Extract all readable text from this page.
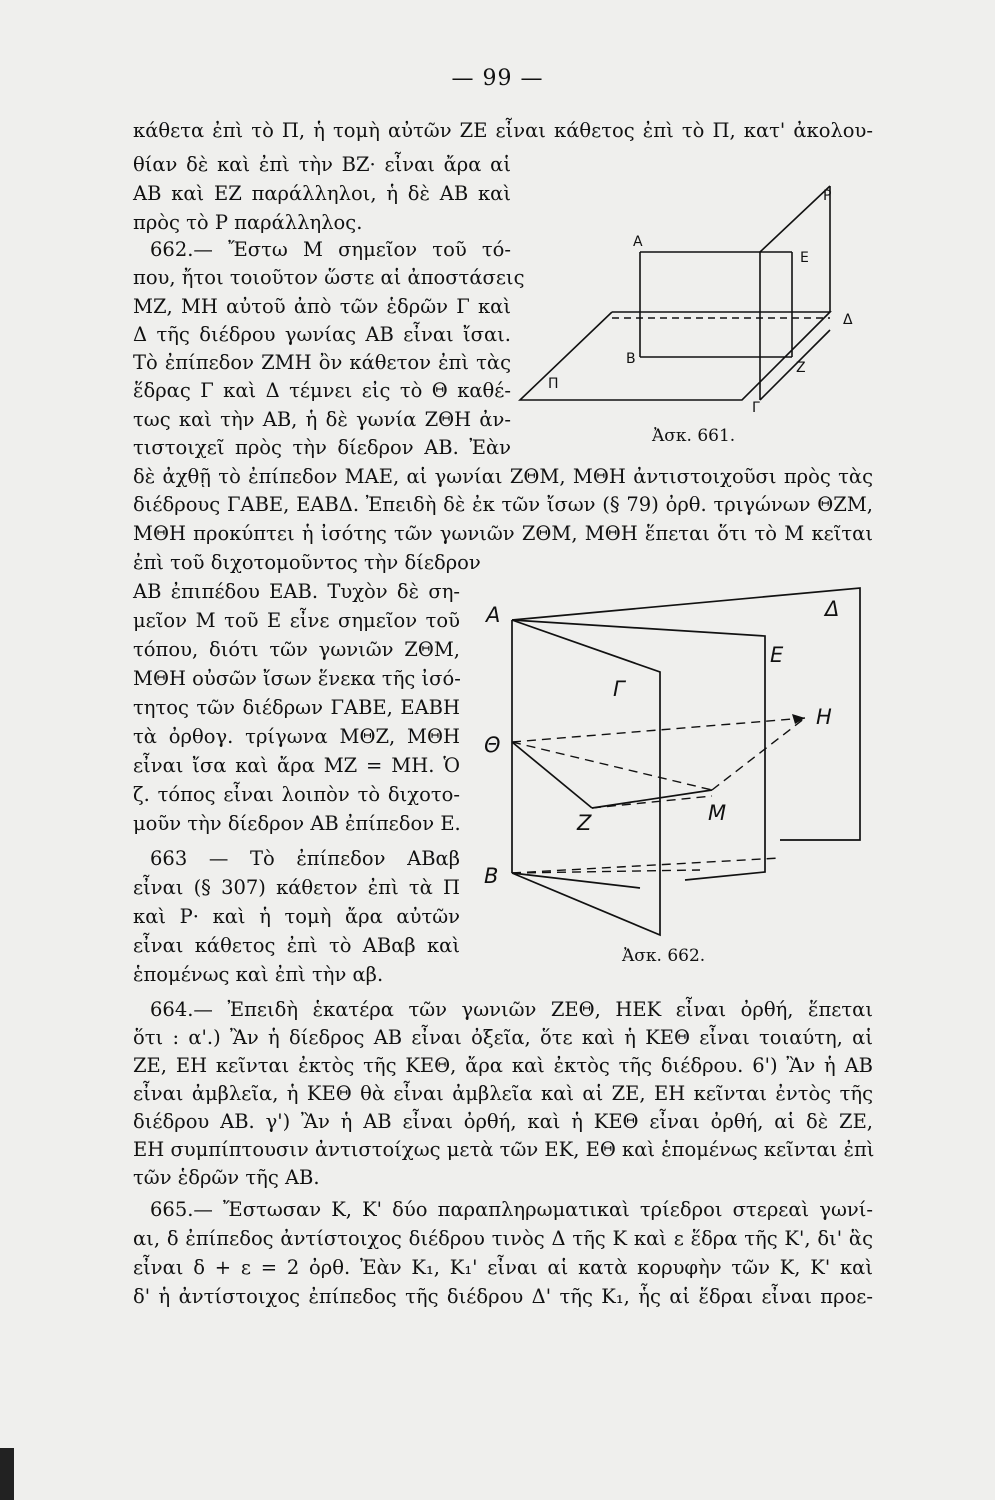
— 99 —
κάθετα ἐπὶ τὸ Π, ἡ τομὴ αὐτῶν ΖΕ εἶναι κάθετος ἐπὶ τὸ Π, κατ' ἀκολου-
θίαν δὲ καὶ ἐπὶ τὴν ΒΖ· εἶναι ἄρα αἱ
ΑΒ καὶ ΕΖ παράλληλοι, ἡ δὲ ΑΒ καὶ
πρὸς τὸ Ρ παράλληλος.
662.— Ἔστω Μ σημεῖον τοῦ τό-
που, ἤτοι τοιοῦτον ὥστε αἱ ἀποστάσεις
ΜΖ, ΜΗ αὐτοῦ ἀπὸ τῶν ἑδρῶν Γ καὶ
Δ τῆς διέδρου γωνίας ΑΒ εἶναι ἴσαι.
Τὸ ἐπίπεδον ΖΜΗ ὂν κάθετον ἐπὶ τὰς
ἕδρας Γ καὶ Δ τέμνει εἰς τὸ Θ καθέ-
τως καὶ τὴν ΑΒ, ἡ δὲ γωνία ΖΘΗ ἀν-
τιστοιχεῖ πρὸς τὴν δίεδρον ΑΒ. Ἐὰν
δὲ ἀχθῇ τὸ ἐπίπεδον ΜΑΕ, αἱ γωνίαι ΖΘΜ, ΜΘΗ ἀντιστοιχοῦσι πρὸς τὰς
διέδρους ΓΑΒΕ, ΕΑΒΔ. Ἐπειδὴ δὲ ἐκ τῶν ἴσων (§ 79) ὀρθ. τριγώνων ΘΖΜ,
ΜΘΗ προκύπτει ἡ ἰσότης τῶν γωνιῶν ΖΘΜ, ΜΘΗ ἕπεται ὅτι τὸ Μ κεῖται
ἐπὶ τοῦ διχοτομοῦντος τὴν δίεδρον
ΑΒ ἐπιπέδου ΕΑΒ. Τυχὸν δὲ ση-
μεῖον Μ τοῦ Ε εἶνε σημεῖον τοῦ
τόπου, διότι τῶν γωνιῶν ΖΘΜ,
ΜΘΗ οὐσῶν ἴσων ἕνεκα τῆς ἰσό-
τητος τῶν διέδρων ΓΑΒΕ, ΕΑΒΗ
τὰ ὀρθογ. τρίγωνα ΜΘΖ, ΜΘΗ
εἶναι ἴσα καὶ ἄρα ΜΖ = ΜΗ. Ὁ
ζ. τόπος εἶναι λοιπὸν τὸ διχοτο-
μοῦν τὴν δίεδρον ΑΒ ἐπίπεδον Ε.
663 — Τὸ ἐπίπεδον ΑΒαβ
εἶναι (§ 307) κάθετον ἐπὶ τὰ Π
καὶ Ρ· καὶ ἡ τομὴ ἄρα αὐτῶν
εἶναι κάθετος ἐπὶ τὸ ΑΒαβ καὶ
ἑπομένως καὶ ἐπὶ τὴν αβ.
664.— Ἐπειδὴ ἑκατέρα τῶν γωνιῶν ΖΕΘ, ΗΕΚ εἶναι ὀρθή, ἕπεται
ὅτι : α'.) Ἂν ἡ δίεδρος ΑΒ εἶναι ὀξεῖα, ὅτε καὶ ἡ ΚΕΘ εἶναι τοιαύτη, αἱ
ΖΕ, ΕΗ κεῖνται ἐκτὸς τῆς ΚΕΘ, ἄρα καὶ ἐκτὸς τῆς διέδρου. 6') Ἂν ἡ ΑΒ
εἶναι ἀμβλεῖα, ἡ ΚΕΘ θὰ εἶναι ἀμβλεῖα καὶ αἱ ΖΕ, ΕΗ κεῖνται ἐντὸς τῆς
διέδρου ΑΒ. γ') Ἂν ἡ ΑΒ εἶναι ὀρθή, καὶ ἡ ΚΕΘ εἶναι ὀρθή, αἱ δὲ ΖΕ,
ΕΗ συμπίπτουσιν ἀντιστοίχως μετὰ τῶν ΕΚ, ΕΘ καὶ ἑπομένως κεῖνται ἐπὶ
τῶν ἑδρῶν τῆς ΑΒ.
665.— Ἔστωσαν Κ, Κ' δύο παραπληρωματικαὶ τρίεδροι στερεαὶ γωνί-
αι, δ ἐπίπεδος ἀντίστοιχος διέδρου τινὸς Δ τῆς Κ καὶ ε ἕδρα τῆς Κ', δι' ἃς
εἶναι δ + ε = 2 ὀρθ. Ἐὰν Κ₁, Κ₁' εἶναι αἱ κατὰ κορυφὴν τῶν Κ, Κ' καὶ
δ' ἡ ἀντίστοιχος ἐπίπεδος τῆς διέδρου Δ' τῆς Κ₁, ἧς αἱ ἕδραι εἶναι προε-
P
A
E
Δ
B
Z
Γ
Π
Ἀσκ. 661.
A	Δ
E
Γ
H
Θ
M
Z
B
Ἀσκ. 662.
